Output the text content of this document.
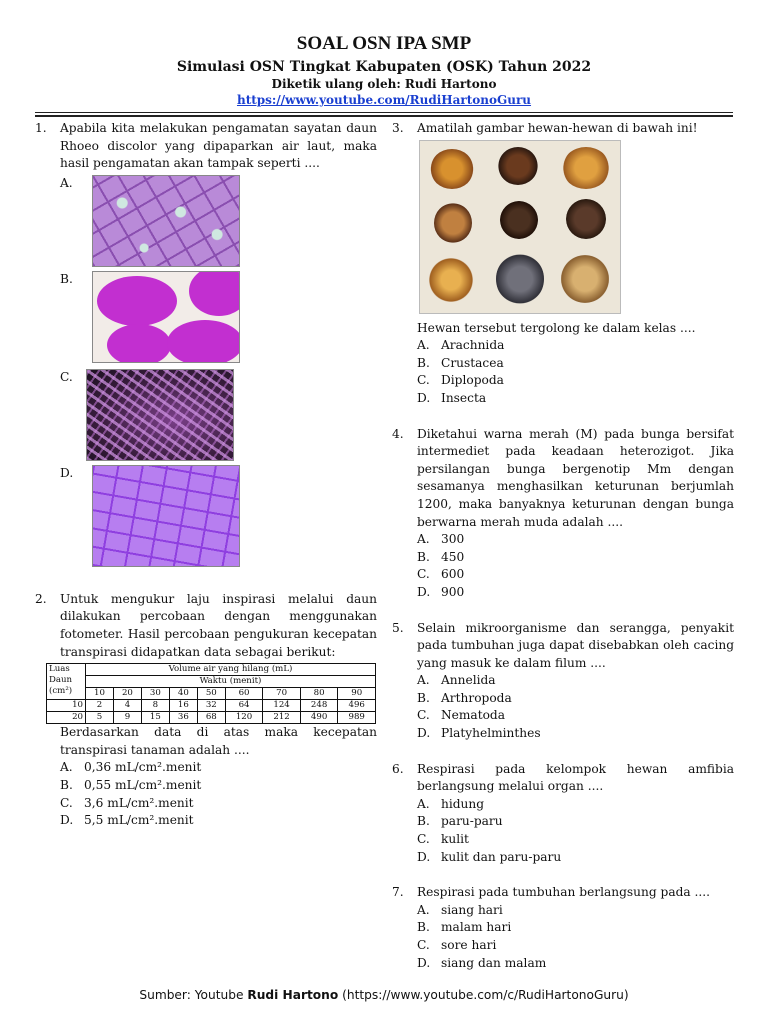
SOAL OSN IPA SMP
Simulasi OSN Tingkat Kabupaten (OSK) Tahun 2022
Diketik ulang oleh: Rudi Hartono
https://www.youtube.com/RudiHartonoGuru
1. Apabila kita melakukan pengamatan sayatan daun Rhoeo discolor yang dipaparkan air laut, maka hasil pengamatan akan tampak seperti ....
A.
B.
C.
D.
2. Untuk mengukur laju inspirasi melalui daun dilakukan percobaan dengan menggunakan fotometer. Hasil percobaan pengukuran kecepatan transpirasi didapatkan data sebagai berikut:
Luas
Daun
(cm²)	Volume air yang hilang (mL)								
	Waktu (menit)								
	10	20	30	40	50	60	70	80	90
10	2	4	8	16	32	64	124	248	496
20	5	9	15	36	68	120	212	490	989
Berdasarkan data di atas maka kecepatan transpirasi tanaman adalah ....
A. 0,36 mL/cm².menit
B. 0,55 mL/cm².menit
C. 3,6 mL/cm².menit
D. 5,5 mL/cm².menit
3. Amatilah gambar hewan-hewan di bawah ini!
Hewan tersebut tergolong ke dalam kelas ....
A. Arachnida
B. Crustacea
C. Diplopoda
D. Insecta
4. Diketahui warna merah (M) pada bunga bersifat intermediet pada keadaan heterozigot. Jika persilangan bunga bergenotip Mm dengan sesamanya menghasilkan keturunan berjumlah 1200, maka banyaknya keturunan dengan bunga berwarna merah muda adalah ....
A. 300
B. 450
C. 600
D. 900
5. Selain mikroorganisme dan serangga, penyakit pada tumbuhan juga dapat disebabkan oleh cacing yang masuk ke dalam filum ....
A. Annelida
B. Arthropoda
C. Nematoda
D. Platyhelminthes
6. Respirasi pada kelompok hewan amfibia berlangsung melalui organ ....
A. hidung
B. paru-paru
C. kulit
D. kulit dan paru-paru
7. Respirasi pada tumbuhan berlangsung pada ....
A. siang hari
B. malam hari
C. sore hari
D. siang dan malam
Sumber: Youtube Rudi Hartono (https://www.youtube.com/c/RudiHartonoGuru)
